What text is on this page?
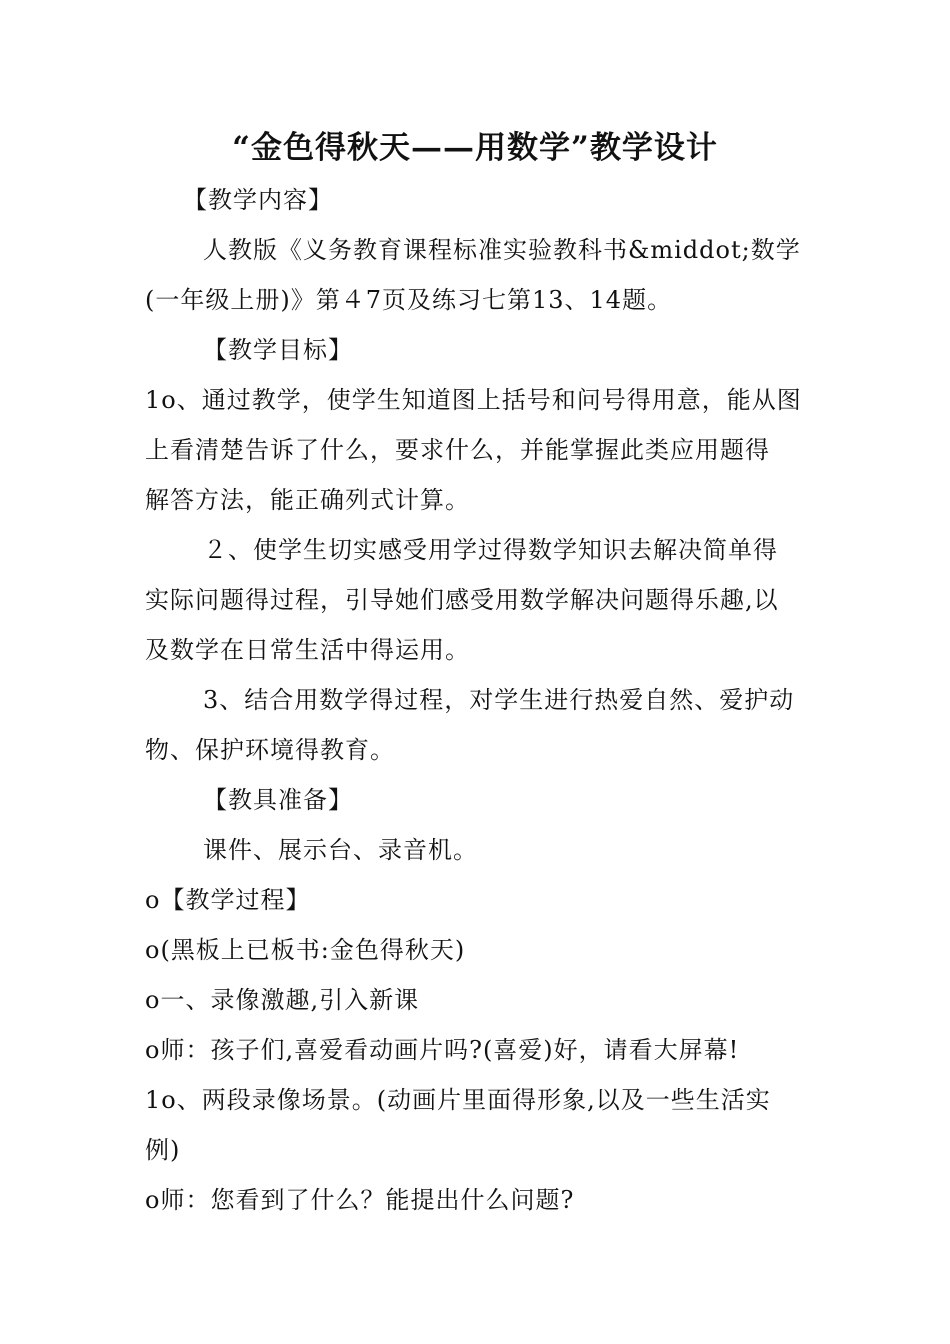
“金色得秋天——用数学”教学设计
【教学内容】
人教版《义务教育课程标准实验教科书&middot;数学
(一年级上册)》第４7页及练习七第13、14题。
【教学目标】
1o、通过教学，使学生知道图上括号和问号得用意，能从图
上看清楚告诉了什么，要求什么，并能掌握此类应用题得
解答方法，能正确列式计算。
２、使学生切实感受用学过得数学知识去解决简单得
实际问题得过程，引导她们感受用数学解决问题得乐趣,以
及数学在日常生活中得运用。
3、结合用数学得过程，对学生进行热爱自然、爱护动
物、保护环境得教育。
【教具准备】
课件、展示台、录音机。
o【教学过程】
o(黑板上已板书:金色得秋天)
o一、录像激趣,引入新课
o师：孩子们,喜爱看动画片吗?(喜爱)好，请看大屏幕!
1o、两段录像场景。(动画片里面得形象,以及一些生活实
例)
o师：您看到了什么？能提出什么问题?
